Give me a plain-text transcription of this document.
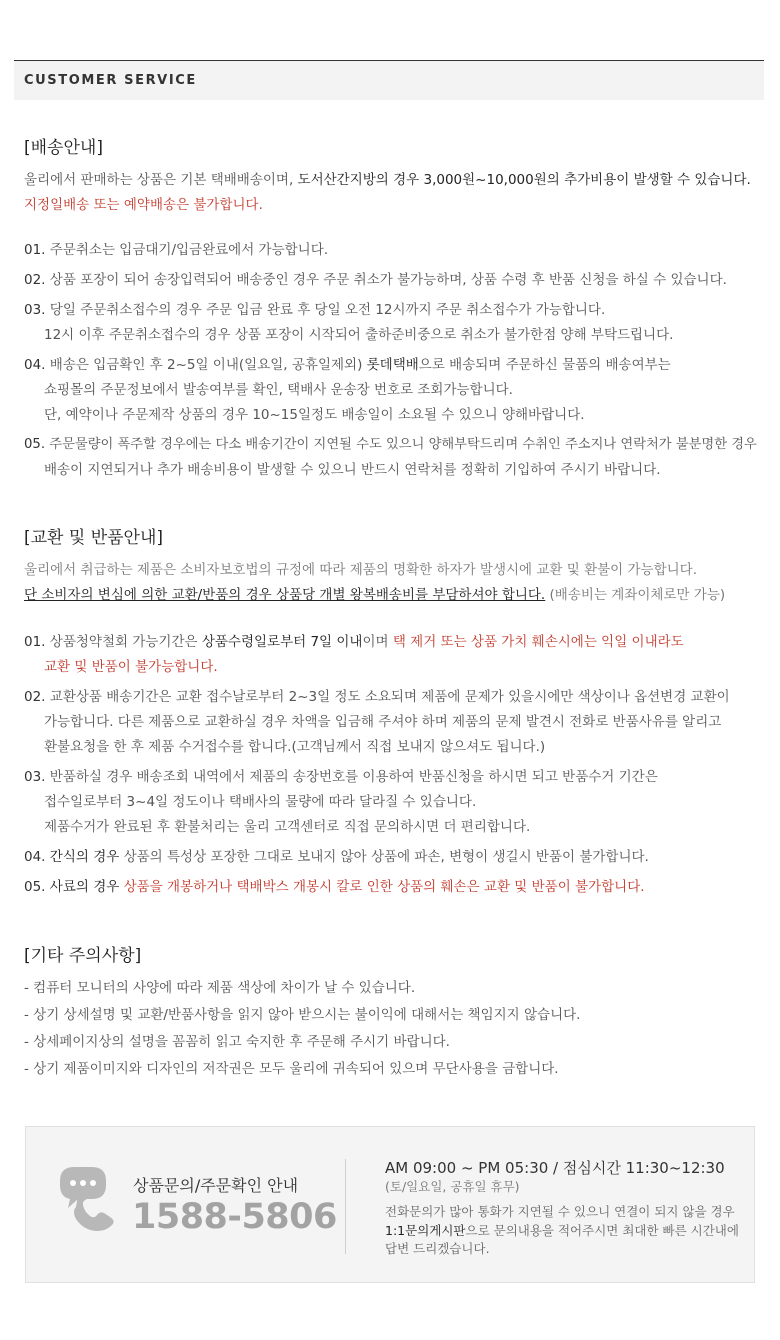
CUSTOMER SERVICE
[배송안내]
울리에서 판매하는 상품은 기본 택배배송이며, 도서산간지방의 경우 3,000원~10,000원의 추가비용이 발생할 수 있습니다.
지정일배송 또는 예약배송은 불가합니다.
01. 주문취소는 입금대기/입금완료에서 가능합니다.
02. 상품 포장이 되어 송장입력되어 배송중인 경우 주문 취소가 불가능하며, 상품 수령 후 반품 신청을 하실 수 있습니다.
03. 당일 주문취소접수의 경우 주문 입금 완료 후 당일 오전 12시까지 주문 취소접수가 가능합니다.
12시 이후 주문취소접수의 경우 상품 포장이 시작되어 출하준비중으로 취소가 불가한점 양해 부탁드립니다.
04. 배송은 입금확인 후 2~5일 이내(일요일, 공휴일제외) 롯데택배으로 배송되며 주문하신 물품의 배송여부는
쇼핑몰의 주문정보에서 발송여부를 확인, 택배사 운송장 번호로 조회가능합니다.
단, 예약이나 주문제작 상품의 경우 10~15일정도 배송일이 소요될 수 있으니 양해바랍니다.
05. 주문물량이 폭주할 경우에는 다소 배송기간이 지연될 수도 있으니 양해부탁드리며 수취인 주소지나 연락처가 불분명한 경우
배송이 지연되거나 추가 배송비용이 발생할 수 있으니 반드시 연락처를 정확히 기입하여 주시기 바랍니다.
[교환 및 반품안내]
울리에서 취급하는 제품은 소비자보호법의 규정에 따라 제품의 명확한 하자가 발생시에 교환 및 환불이 가능합니다.
단 소비자의 변심에 의한 교환/반품의 경우 상품당 개별 왕복배송비를 부담하셔야 합니다. (배송비는 계좌이체로만 가능)
01. 상품청약철회 가능기간은 상품수령일로부터 7일 이내이며 택 제거 또는 상품 가치 훼손시에는 익일 이내라도
교환 및 반품이 불가능합니다.
02. 교환상품 배송기간은 교환 접수날로부터 2~3일 정도 소요되며 제품에 문제가 있을시에만 색상이나 옵션변경 교환이
가능합니다. 다른 제품으로 교환하실 경우 차액을 입금해 주셔야 하며 제품의 문제 발견시 전화로 반품사유를 알리고
환불요청을 한 후 제품 수거접수를 합니다.(고객님께서 직접 보내지 않으셔도 됩니다.)
03. 반품하실 경우 배송조회 내역에서 제품의 송장번호를 이용하여 반품신청을 하시면 되고 반품수거 기간은
접수일로부터 3~4일 정도이나 택배사의 물량에 따라 달라질 수 있습니다.
제품수거가 완료된 후 환불처리는 울리 고객센터로 직접 문의하시면 더 편리합니다.
04. 간식의 경우 상품의 특성상 포장한 그대로 보내지 않아 상품에 파손, 변형이 생길시 반품이 불가합니다.
05. 사료의 경우 상품을 개봉하거나 택배박스 개봉시 칼로 인한 상품의 훼손은 교환 및 반품이 불가합니다.
[기타 주의사항]
- 컴퓨터 모니터의 사양에 따라 제품 색상에 차이가 날 수 있습니다.
- 상기 상세설명 및 교환/반품사항을 읽지 않아 받으시는 불이익에 대해서는 책임지지 않습니다.
- 상세페이지상의 설명을 꼼꼼히 읽고 숙지한 후 주문해 주시기 바랍니다.
- 상기 제품이미지와 디자인의 저작권은 모두 울리에 귀속되어 있으며 무단사용을 금합니다.
상품문의/주문확인 안내
1588-5806
AM 09:00 ~ PM 05:30 / 점심시간 11:30~12:30
(토/일요일, 공휴일 휴무)
전화문의가 많아 통화가 지연될 수 있으니 연결이 되지 않을 경우
1:1문의게시판으로 문의내용을 적어주시면 최대한 빠른 시간내에
답변 드리겠습니다.
